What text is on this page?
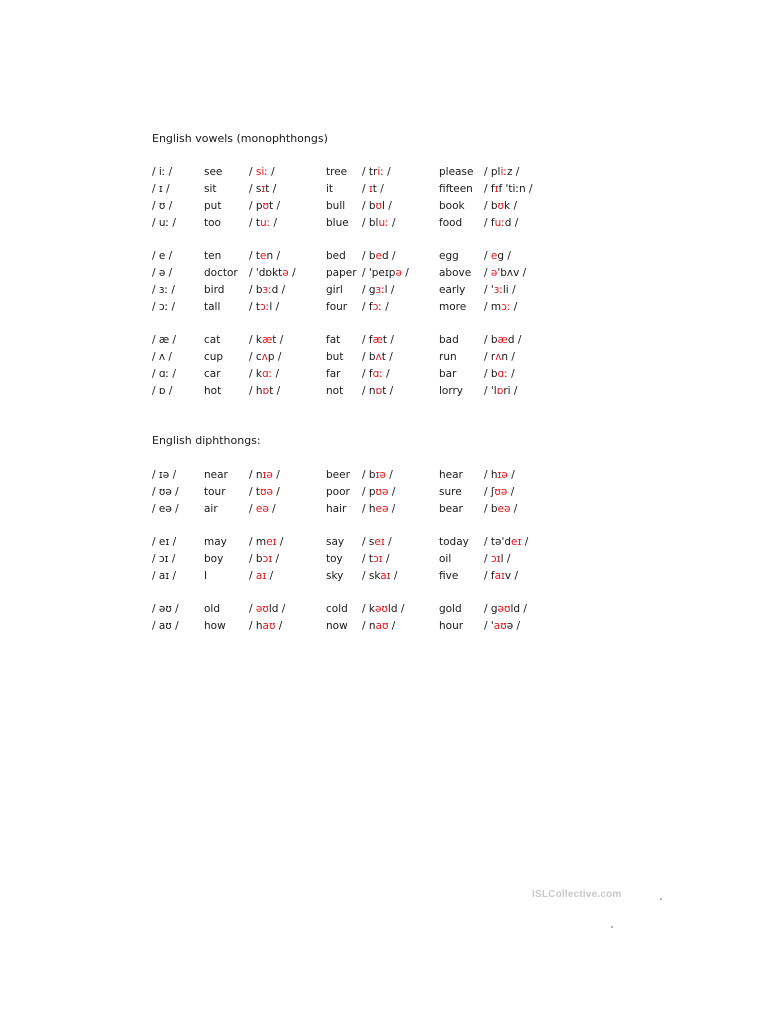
English vowels (monophthongs)
/ iː /	see	/ siː /	tree / triː /	please / pliːz /
/ ɪ /	sit	/ sɪt /	it	/ ɪt /	fifteen / fɪf 'tiːn /
/ ʊ /	put	/ pʊt /	bull / bʊl /	book / bʊk /
/ uː /	too	/ tuː /	blue / bluː /	food / fuːd /
/ e /	ten	/ ten /	bed / bed /	egg / eg /
/ ə /	doctor / 'dɒktə /	paper / 'peɪpə /	above / ə'bʌv /
/ ɜː /	bird / bɜːd /	girl / gɜːl /	early / 'ɜːli /
/ ɔː /	tall	/ tɔːl /	four / fɔː /	more / mɔː /
/ æ /	cat	/ kæt /	fat / fæt /	bad / bæd /
/ ʌ /	cup / cʌp /	but / bʌt /	run	/ rʌn /
/ ɑː /	car	/ kɑː /	far / fɑː /	bar	/ bɑː /
/ ɒ /	hot	/ hɒt /	not / nɒt /	lorry / 'lɒri /
English diphthongs:
/ ɪə /	near / nɪə /	beer / bɪə /	hear / hɪə /
/ ʊə / tour / tʊə /	poor / pʊə /	sure / ʃʊə /
/ eə / air	/ eə /	hair / heə /	bear / beə /
/ eɪ /	may / meɪ /	say / seɪ /	today / tə'deɪ /
/ ɔɪ /	boy / bɔɪ /	toy / tɔɪ /	oil	/ ɔɪl /
/ aɪ /	I	/ aɪ /	sky / skaɪ /	five / faɪv /
/ əʊ / old	/ əʊld /	cold / kəʊld /	gold / gəʊld /
/ aʊ / how / haʊ /	now / naʊ /	hour / 'aʊə /
ISLCollective.com
